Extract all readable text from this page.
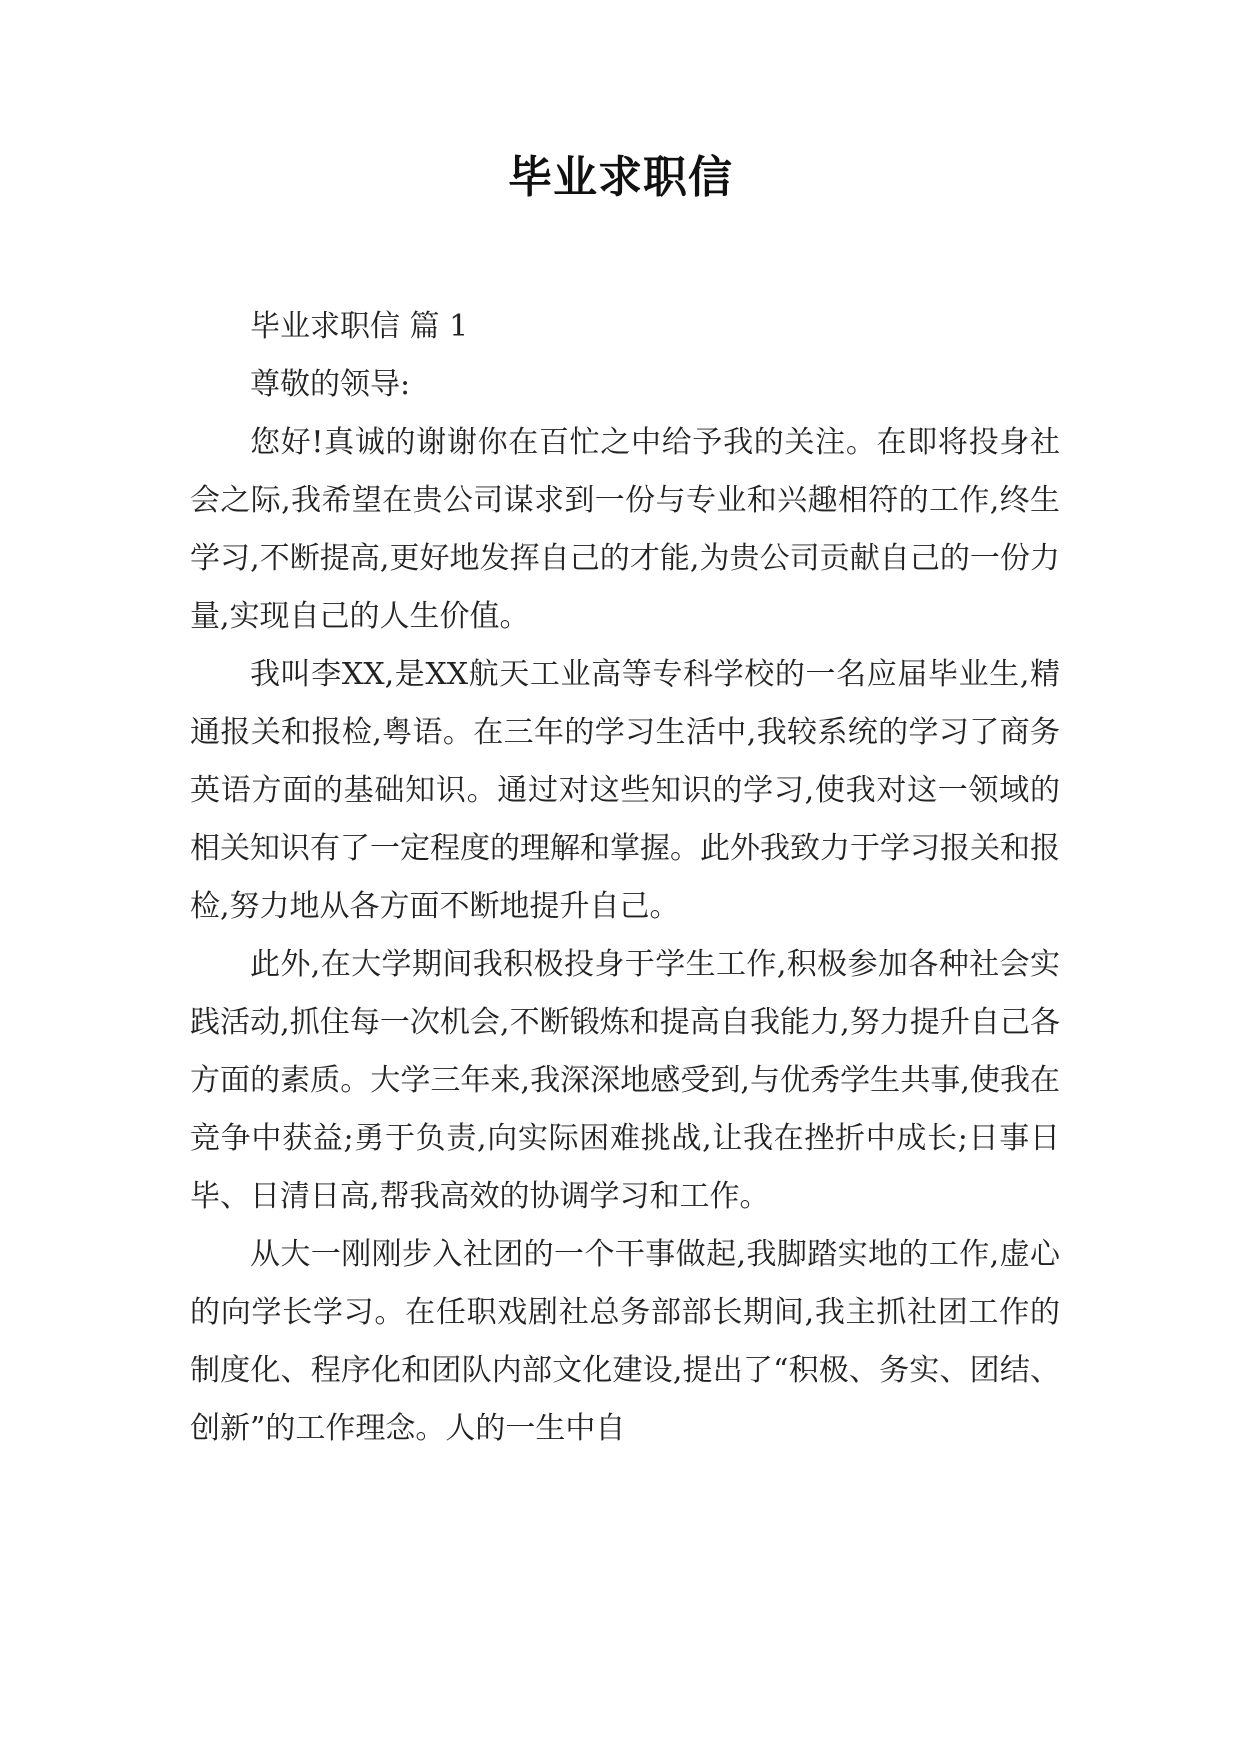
毕业求职信

毕业求职信 篇 1

尊敬的领导:

您好!真诚的谢谢你在百忙之中给予我的关注。在即将投身社会之际,我希望在贵公司谋求到一份与专业和兴趣相符的工作,终生学习,不断提高,更好地发挥自己的才能,为贵公司贡献自己的一份力量,实现自己的人生价值。

我叫李XX,是XX航天工业高等专科学校的一名应届毕业生,精通报关和报检,粤语。在三年的学习生活中,我较系统的学习了商务英语方面的基础知识。通过对这些知识的学习,使我对这一领域的相关知识有了一定程度的理解和掌握。此外我致力于学习报关和报检,努力地从各方面不断地提升自己。

此外,在大学期间我积极投身于学生工作,积极参加各种社会实践活动,抓住每一次机会,不断锻炼和提高自我能力,努力提升自己各方面的素质。大学三年来,我深深地感受到,与优秀学生共事,使我在竞争中获益;勇于负责,向实际困难挑战,让我在挫折中成长;日事日毕、日清日高,帮我高效的协调学习和工作。

从大一刚刚步入社团的一个干事做起,我脚踏实地的工作,虚心的向学长学习。在任职戏剧社总务部部长期间,我主抓社团工作的制度化、程序化和团队内部文化建设,提出了“积极、务实、团结、创新”的工作理念。人的一生中自
